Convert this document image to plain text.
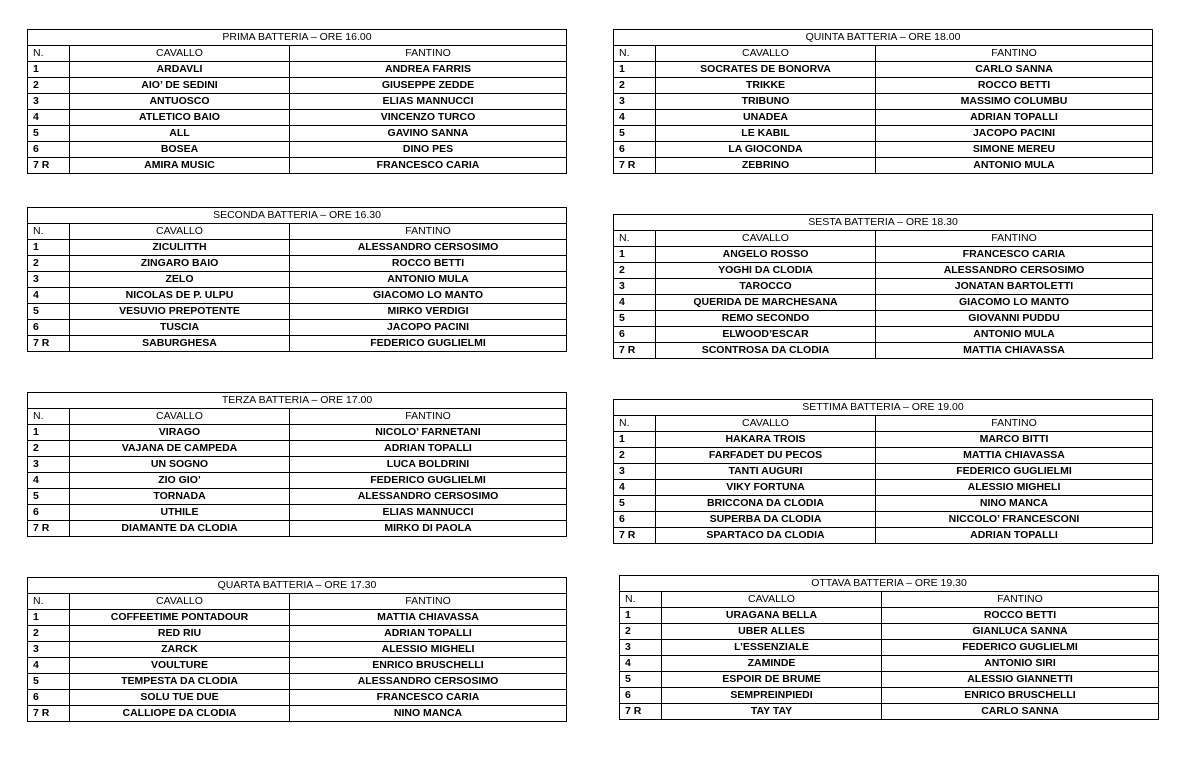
PRIMA BATTERIA – ORE 16.00		
N.	CAVALLO	FANTINO
1	ARDAVLI	ANDREA FARRIS
2	AIO’ DE SEDINI	GIUSEPPE ZEDDE
3	ANTUOSCO	ELIAS MANNUCCI
4	ATLETICO BAIO	VINCENZO TURCO
5	ALL	GAVINO SANNA
6	BOSEA	DINO PES
7 R	AMIRA MUSIC	FRANCESCO CARIA
SECONDA BATTERIA – ORE 16.30		
N.	CAVALLO	FANTINO
1	ZICULITTH	ALESSANDRO CERSOSIMO
2	ZINGARO BAIO	ROCCO BETTI
3	ZELO	ANTONIO MULA
4	NICOLAS DE P. ULPU	GIACOMO LO MANTO
5	VESUVIO PREPOTENTE	MIRKO VERDIGI
6	TUSCIA	JACOPO PACINI
7 R	SABURGHESA	FEDERICO GUGLIELMI
TERZA BATTERIA – ORE 17.00		
N.	CAVALLO	FANTINO
1	VIRAGO	NICOLO’ FARNETANI
2	VAJANA DE CAMPEDA	ADRIAN TOPALLI
3	UN SOGNO	LUCA BOLDRINI
4	ZIO GIO’	FEDERICO GUGLIELMI
5	TORNADA	ALESSANDRO CERSOSIMO
6	UTHILE	ELIAS MANNUCCI
7 R	DIAMANTE DA CLODIA	MIRKO DI PAOLA
QUARTA BATTERIA – ORE 17.30		
N.	CAVALLO	FANTINO
1	COFFEETIME PONTADOUR	MATTIA CHIAVASSA
2	RED RIU	ADRIAN TOPALLI
3	ZARCK	ALESSIO MIGHELI
4	VOULTURE	ENRICO BRUSCHELLI
5	TEMPESTA DA CLODIA	ALESSANDRO CERSOSIMO
6	SOLU TUE DUE	FRANCESCO CARIA
7 R	CALLIOPE DA CLODIA	NINO MANCA
QUINTA BATTERIA – ORE 18.00		
N.	CAVALLO	FANTINO
1	SOCRATES DE BONORVA	CARLO SANNA
2	TRIKKE	ROCCO BETTI
3	TRIBUNO	MASSIMO COLUMBU
4	UNADEA	ADRIAN TOPALLI
5	LE KABIL	JACOPO PACINI
6	LA GIOCONDA	SIMONE MEREU
7 R	ZEBRINO	ANTONIO MULA
SESTA BATTERIA – ORE 18.30		
N.	CAVALLO	FANTINO
1	ANGELO ROSSO	FRANCESCO CARIA
2	YOGHI DA CLODIA	ALESSANDRO CERSOSIMO
3	TAROCCO	JONATAN BARTOLETTI
4	QUERIDA DE MARCHESANA	GIACOMO LO MANTO
5	REMO SECONDO	GIOVANNI PUDDU
6	ELWOOD’ESCAR	ANTONIO MULA
7 R	SCONTROSA DA CLODIA	MATTIA CHIAVASSA
SETTIMA BATTERIA – ORE 19.00		
N.	CAVALLO	FANTINO
1	HAKARA TROIS	MARCO BITTI
2	FARFADET DU PECOS	MATTIA CHIAVASSA
3	TANTI AUGURI	FEDERICO GUGLIELMI
4	VIKY FORTUNA	ALESSIO MIGHELI
5	BRICCONA DA CLODIA	NINO MANCA
6	SUPERBA DA CLODIA	NICCOLO’ FRANCESCONI
7 R	SPARTACO DA CLODIA	ADRIAN TOPALLI
OTTAVA BATTERIA – ORE 19.30		
N.	CAVALLO	FANTINO
1	URAGANA BELLA	ROCCO BETTI
2	UBER ALLES	GIANLUCA SANNA
3	L’ESSENZIALE	FEDERICO GUGLIELMI
4	ZAMINDE	ANTONIO SIRI
5	ESPOIR DE BRUME	ALESSIO GIANNETTI
6	SEMPREINPIEDI	ENRICO BRUSCHELLI
7 R	TAY TAY	CARLO SANNA
